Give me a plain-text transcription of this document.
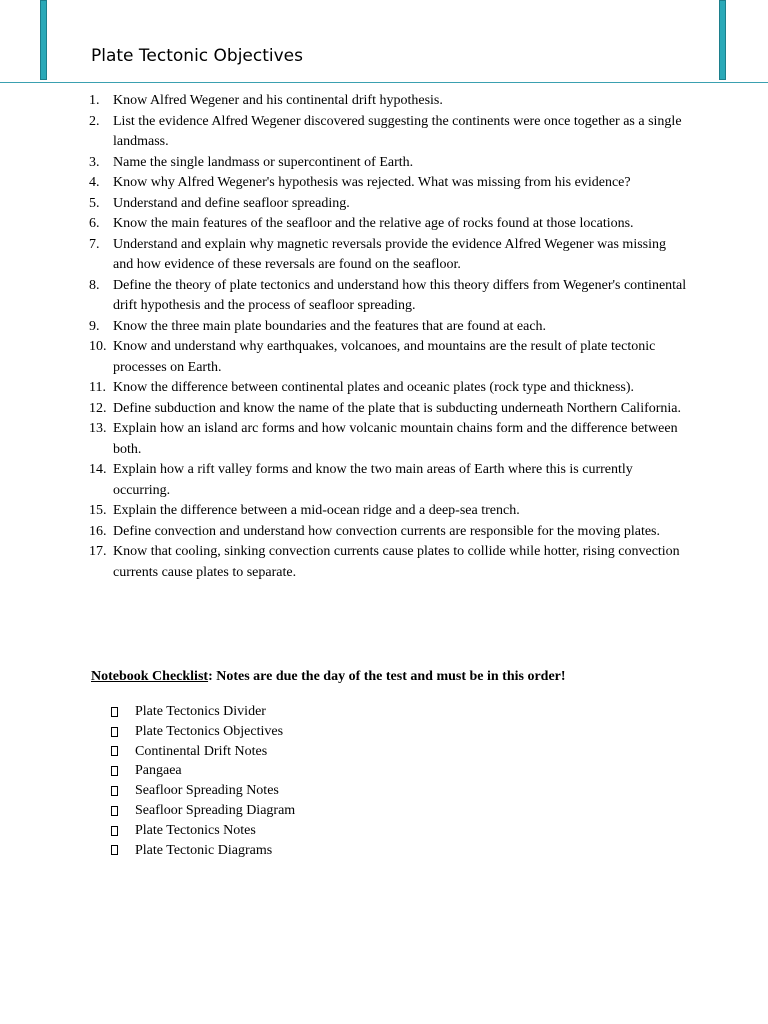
Plate Tectonic Objectives
1. Know Alfred Wegener and his continental drift hypothesis.
2. List the evidence Alfred Wegener discovered suggesting the continents were once together as a single landmass.
3. Name the single landmass or supercontinent of Earth.
4. Know why Alfred Wegener's hypothesis was rejected. What was missing from his evidence?
5. Understand and define seafloor spreading.
6. Know the main features of the seafloor and the relative age of rocks found at those locations.
7. Understand and explain why magnetic reversals provide the evidence Alfred Wegener was missing and how evidence of these reversals are found on the seafloor.
8. Define the theory of plate tectonics and understand how this theory differs from Wegener's continental drift hypothesis and the process of seafloor spreading.
9. Know the three main plate boundaries and the features that are found at each.
10. Know and understand why earthquakes, volcanoes, and mountains are the result of plate tectonic processes on Earth.
11. Know the difference between continental plates and oceanic plates (rock type and thickness).
12. Define subduction and know the name of the plate that is subducting underneath Northern California.
13. Explain how an island arc forms and how volcanic mountain chains form and the difference between both.
14. Explain how a rift valley forms and know the two main areas of Earth where this is currently occurring.
15. Explain the difference between a mid-ocean ridge and a deep-sea trench.
16. Define convection and understand how convection currents are responsible for the moving plates.
17. Know that cooling, sinking convection currents cause plates to collide while hotter, rising convection currents cause plates to separate.
Notebook Checklist: Notes are due the day of the test and must be in this order!
Plate Tectonics Divider
Plate Tectonics Objectives
Continental Drift Notes
Pangaea
Seafloor Spreading Notes
Seafloor Spreading Diagram
Plate Tectonics Notes
Plate Tectonic Diagrams
